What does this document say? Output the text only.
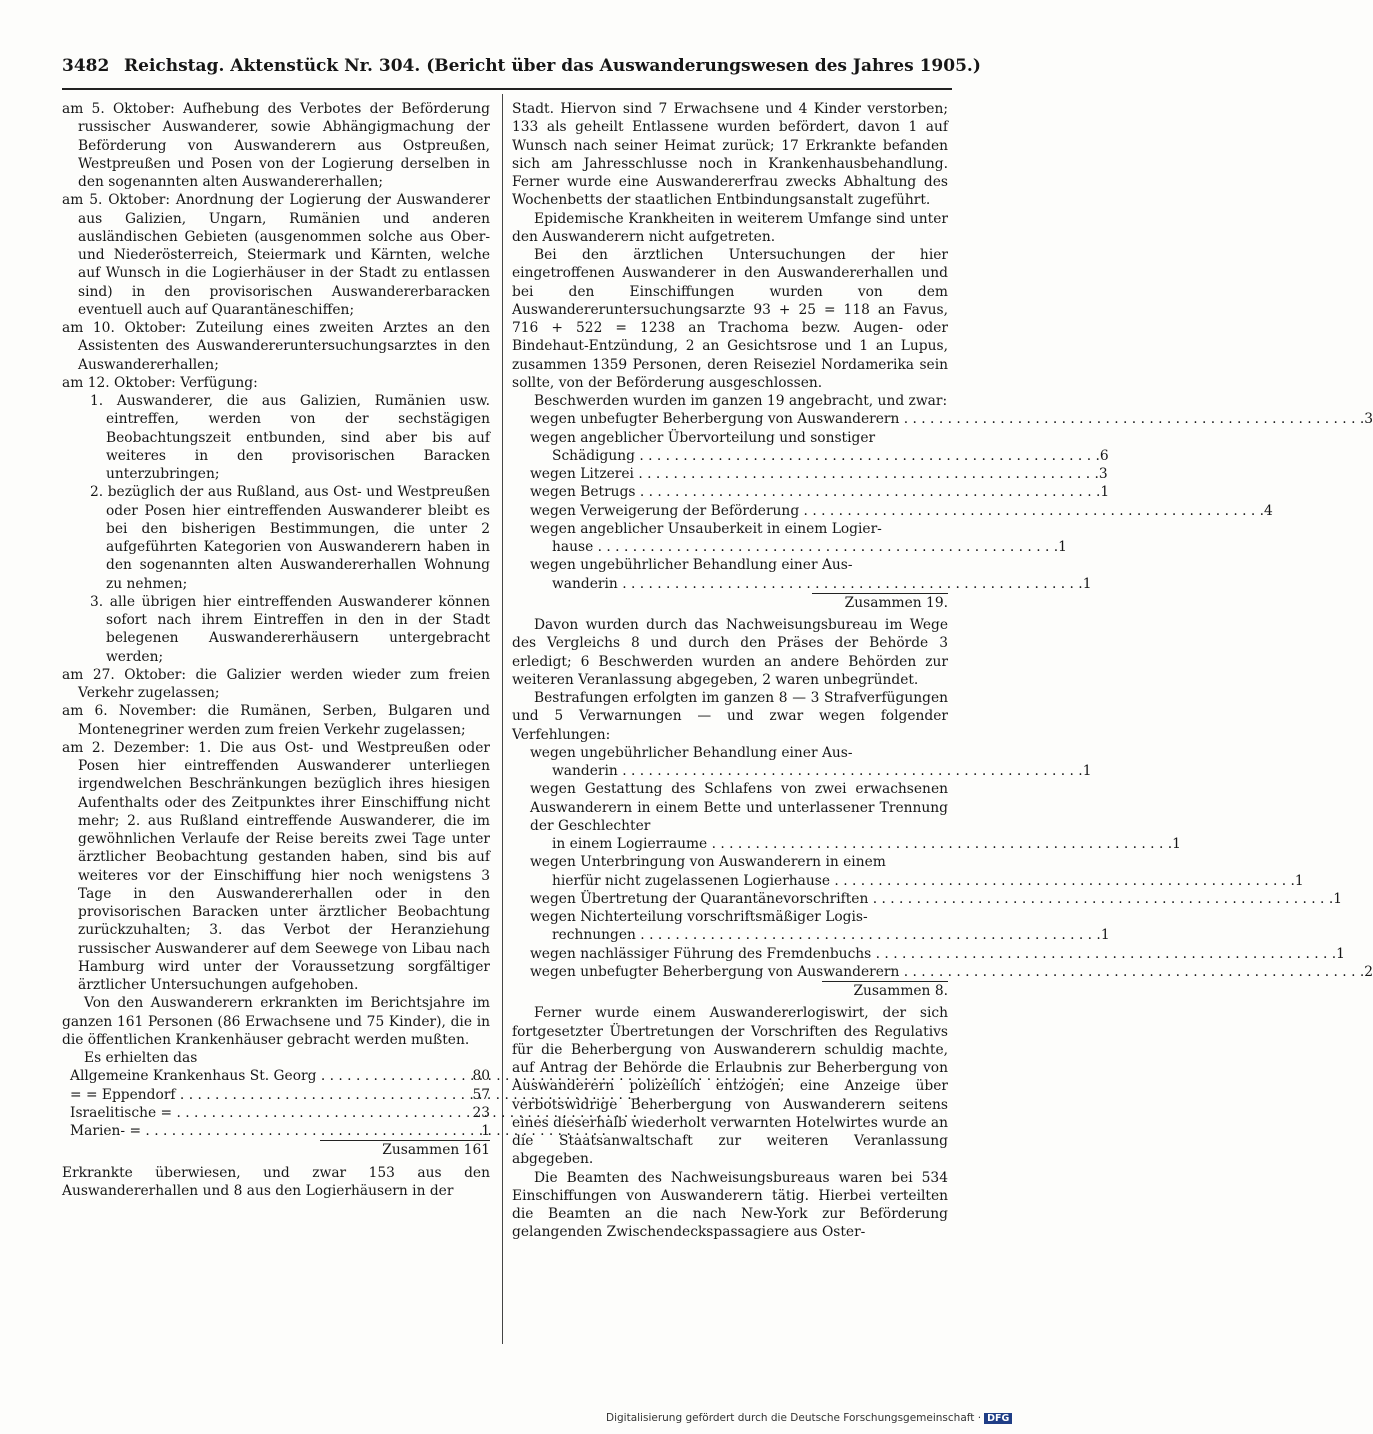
3482 Reichstag. Aktenstück Nr. 304. (Bericht über das Auswanderungswesen des Jahres 1905.)

am 5. Oktober: Aufhebung des Verbotes der Beförderung russischer Auswanderer, sowie Abhängigmachung der Beförderung von Auswanderern aus Ostpreußen, Westpreußen und Posen von der Logierung derselben in den sogenannten alten Auswandererhallen;

am 5. Oktober: Anordnung der Logierung der Auswanderer aus Galizien, Ungarn, Rumänien und anderen ausländischen Gebieten (ausgenommen solche aus Ober- und Niederösterreich, Steiermark und Kärnten, welche auf Wunsch in die Logierhäuser in der Stadt zu entlassen sind) in den provisorischen Auswandererbaracken eventuell auch auf Quarantäneschiffen;

am 10. Oktober: Zuteilung eines zweiten Arztes an den Assistenten des Auswandereruntersuchungsarztes in den Auswandererhallen;

am 12. Oktober: Verfügung:

1. Auswanderer, die aus Galizien, Rumänien usw. eintreffen, werden von der sechstägigen Beobachtungszeit entbunden, sind aber bis auf weiteres in den provisorischen Baracken unterzubringen;

2. bezüglich der aus Rußland, aus Ost- und Westpreußen oder Posen hier eintreffenden Auswanderer bleibt es bei den bisherigen Bestimmungen, die unter 2 aufgeführten Kategorien von Auswanderern haben in den sogenannten alten Auswandererhallen Wohnung zu nehmen;

3. alle übrigen hier eintreffenden Auswanderer können sofort nach ihrem Eintreffen in den in der Stadt belegenen Auswandererhäusern untergebracht werden;

am 27. Oktober: die Galizier werden wieder zum freien Verkehr zugelassen;

am 6. November: die Rumänen, Serben, Bulgaren und Montenegriner werden zum freien Verkehr zugelassen;

am 2. Dezember: 1. Die aus Ost- und Westpreußen oder Posen hier eintreffenden Auswanderer unterliegen irgendwelchen Beschränkungen bezüglich ihres hiesigen Aufenthalts oder des Zeitpunktes ihrer Einschiffung nicht mehr; 2. aus Rußland eintreffende Auswanderer, die im gewöhnlichen Verlaufe der Reise bereits zwei Tage unter ärztlicher Beobachtung gestanden haben, sind bis auf weiteres vor der Einschiffung hier noch wenigstens 3 Tage in den Auswandererhallen oder in den provisorischen Baracken unter ärztlicher Beobachtung zurückzuhalten; 3. das Verbot der Heranziehung russischer Auswanderer auf dem Seewege von Libau nach Hamburg wird unter der Voraussetzung sorgfältiger ärztlicher Untersuchungen aufgehoben.

Von den Auswanderern erkrankten im Berichtsjahre im ganzen 161 Personen (86 Erwachsene und 75 Kinder), die in die öffentlichen Krankenhäuser gebracht werden mußten.

Es erhielten das

Allgemeine Krankenhaus St. Georg . . .	80
= = Eppendorf . . .	57
Israelitische = . . .	23
Marien- = . . .	1
Zusammen 161

Erkrankte überwiesen, und zwar 153 aus den Auswandererhallen und 8 aus den Logierhäusern in der

Stadt. Hiervon sind 7 Erwachsene und 4 Kinder verstorben; 133 als geheilt Entlassene wurden befördert, davon 1 auf Wunsch nach seiner Heimat zurück; 17 Erkrankte befanden sich am Jahresschlusse noch in Krankenhausbehandlung. Ferner wurde eine Auswandererfrau zwecks Abhaltung des Wochenbetts der staatlichen Entbindungsanstalt zugeführt.

Epidemische Krankheiten in weiterem Umfange sind unter den Auswanderern nicht aufgetreten.

Bei den ärztlichen Untersuchungen der hier eingetroffenen Auswanderer in den Auswandererhallen und bei den Einschiffungen wurden von dem Auswandereruntersuchungsarzte 93 + 25 = 118 an Favus, 716 + 522 = 1238 an Trachoma bezw. Augen- oder Bindehaut-Entzündung, 2 an Gesichtsrose und 1 an Lupus, zusammen 1359 Personen, deren Reiseziel Nordamerika sein sollte, von der Beförderung ausgeschlossen.

Beschwerden wurden im ganzen 19 angebracht, und zwar:

wegen unbefugter Beherbergung von Auswanderern . . .	3
wegen angeblicher Übervorteilung und sonstiger
Schädigung . . .	6
wegen Litzerei . . .	3
wegen Betrugs . . .	1
wegen Verweigerung der Beförderung . . .	4
wegen angeblicher Unsauberkeit in einem Logier-
hause . . .	1
wegen ungebührlicher Behandlung einer Aus-
wanderin . . .	1
Zusammen 19.

Davon wurden durch das Nachweisungsbureau im Wege des Vergleichs 8 und durch den Präses der Behörde 3 erledigt; 6 Beschwerden wurden an andere Behörden zur weiteren Veranlassung abgegeben, 2 waren unbegründet.

Bestrafungen erfolgten im ganzen 8 — 3 Strafverfügungen und 5 Verwarnungen — und zwar wegen folgender Verfehlungen:

wegen ungebührlicher Behandlung einer Aus-
wanderin . . .	1
wegen Gestattung des Schlafens von zwei erwachsenen Auswanderern in einem Bette und unterlassener Trennung der Geschlechter
in einem Logierraume . . .	1
wegen Unterbringung von Auswanderern in einem
hierfür nicht zugelassenen Logierhause . . .	1
wegen Übertretung der Quarantänevorschriften . . .	1
wegen Nichterteilung vorschriftsmäßiger Logis-
rechnungen . . .	1
wegen nachlässiger Führung des Fremdenbuchs . . .	1
wegen unbefugter Beherbergung von Auswanderern . . .	2
Zusammen 8.

Ferner wurde einem Auswandererlogiswirt, der sich fortgesetzter Übertretungen der Vorschriften des Regulativs für die Beherbergung von Auswanderern schuldig machte, auf Antrag der Behörde die Erlaubnis zur Beherbergung von Auswanderern polizeilich entzogen; eine Anzeige über verbotswidrige Beherbergung von Auswanderern seitens eines dieserhalb wiederholt verwarnten Hotelwirtes wurde an die Staatsanwaltschaft zur weiteren Veranlassung abgegeben.

Die Beamten des Nachweisungsbureaus waren bei 534 Einschiffungen von Auswanderern tätig. Hierbei verteilten die Beamten an die nach New-York zur Beförderung gelangenden Zwischendeckspassagiere aus Oster-

Digitalisierung gefördert durch die Deutsche Forschungsgemeinschaft · DFG
